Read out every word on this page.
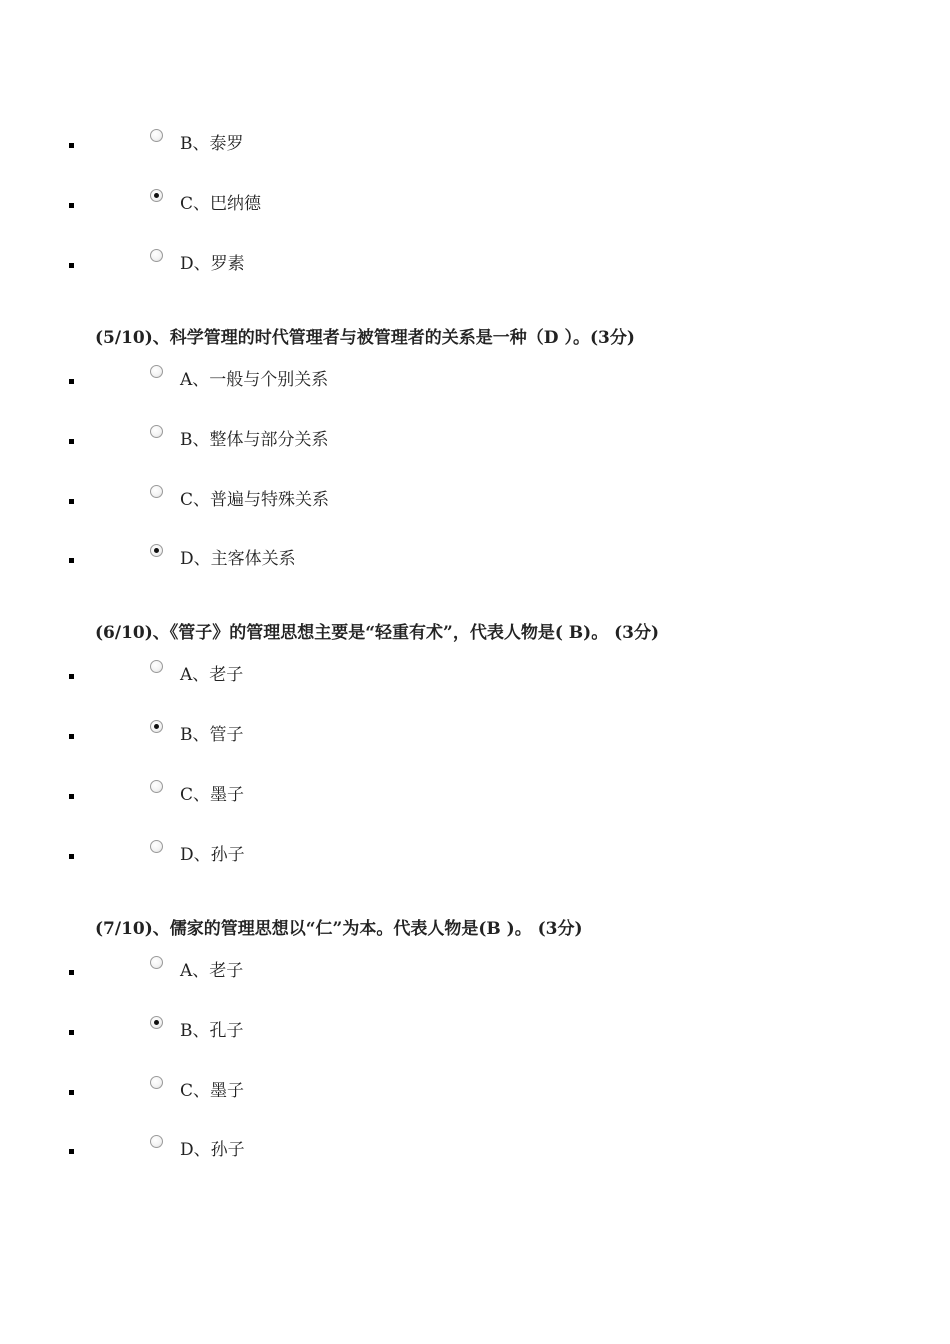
B、泰罗
C、巴纳德
D、罗素
(5/10)、科学管理的时代管理者与被管理者的关系是一种（D ）。(3分)
A、一般与个别关系
B、整体与部分关系
C、普遍与特殊关系
D、主客体关系
(6/10)、《管子》的管理思想主要是“轻重有术”，代表人物是( B)。 (3分)
A、老子
B、管子
C、墨子
D、孙子
(7/10)、儒家的管理思想以“仁”为本。代表人物是(B )。 (3分)
A、老子
B、孔子
C、墨子
D、孙子
